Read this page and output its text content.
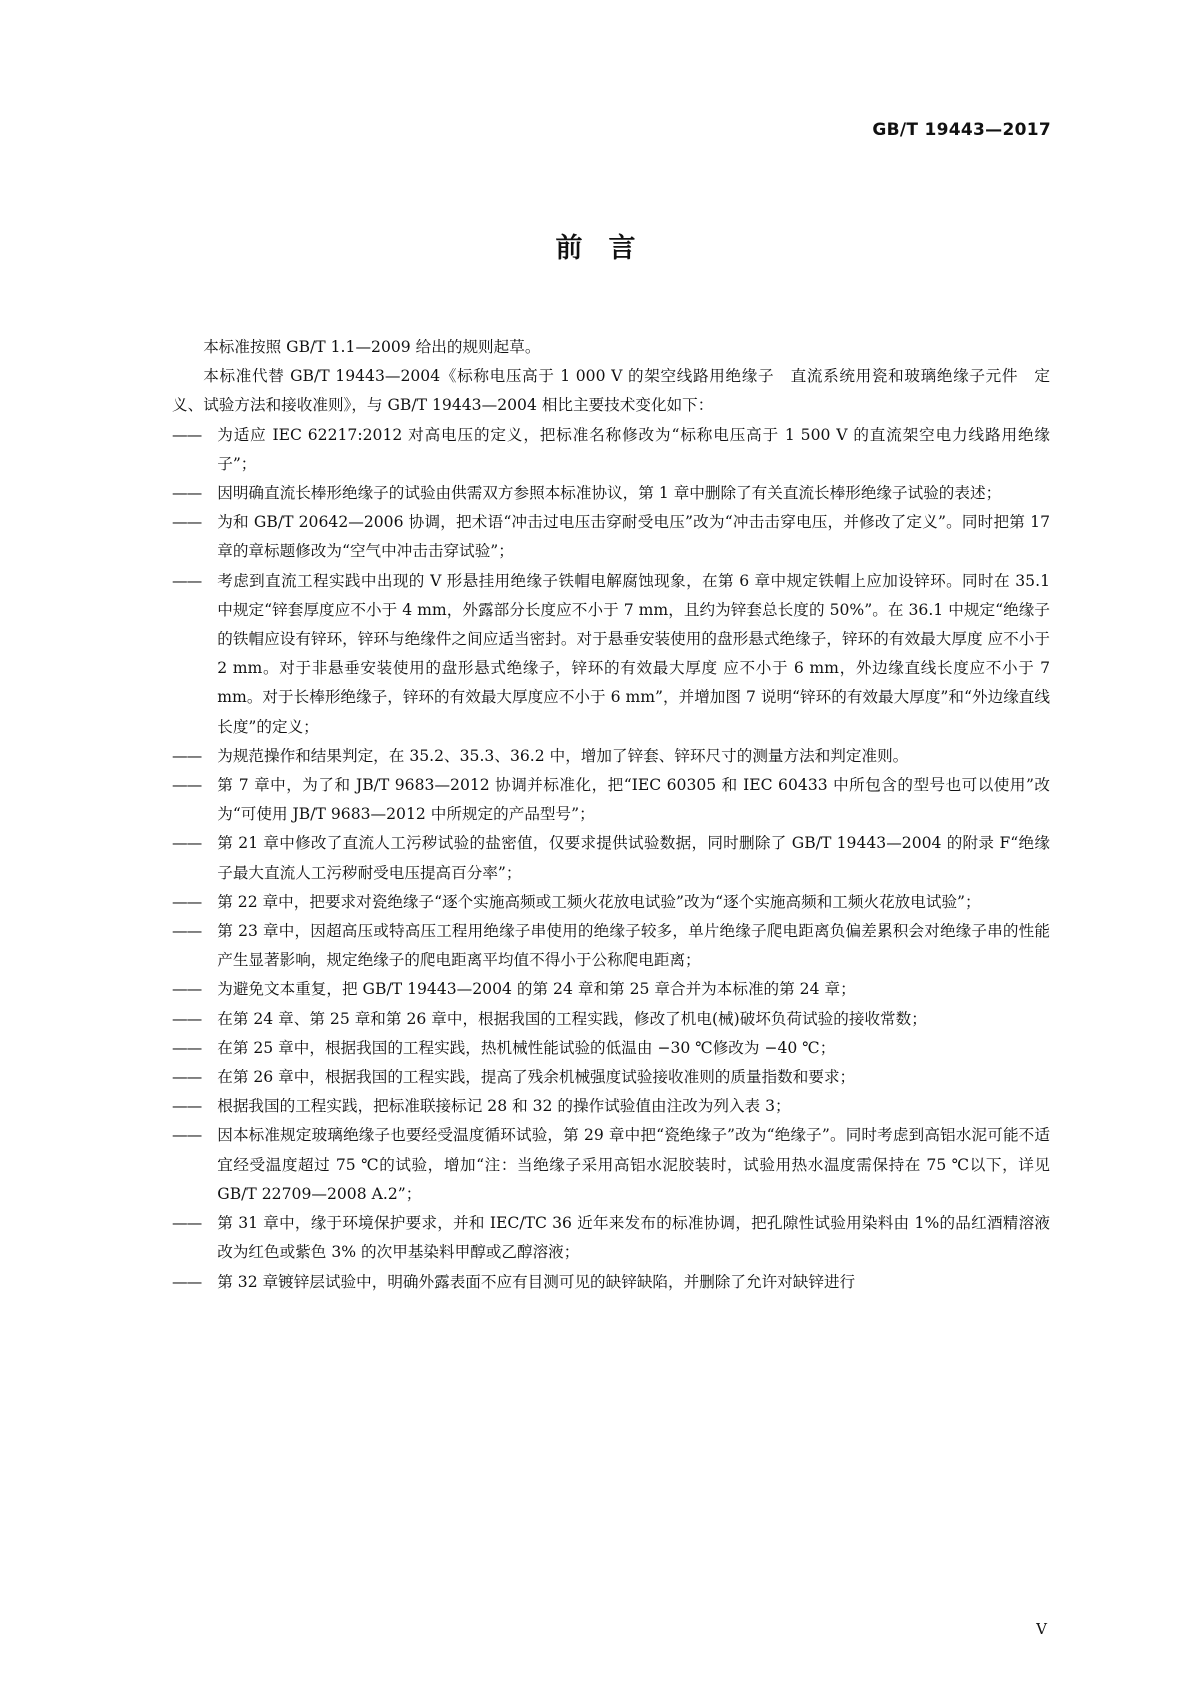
GB/T 19443—2017
前言

本标准按照 GB/T 1.1—2009 给出的规则起草。

本标准代替 GB/T 19443—2004《标称电压高于 1 000 V 的架空线路用绝缘子　直流系统用瓷和玻璃绝缘子元件　定义、试验方法和接收准则》，与 GB/T 19443—2004 相比主要技术变化如下：

—— 为适应 IEC 62217:2012 对高电压的定义，把标准名称修改为“标称电压高于 1 500 V 的直流架空电力线路用绝缘子”；
—— 因明确直流长棒形绝缘子的试验由供需双方参照本标准协议，第 1 章中删除了有关直流长棒形绝缘子试验的表述；
—— 为和 GB/T 20642—2006 协调，把术语“冲击过电压击穿耐受电压”改为“冲击击穿电压，并修改了定义”。同时把第 17 章的章标题修改为“空气中冲击击穿试验”；
—— 考虑到直流工程实践中出现的 V 形悬挂用绝缘子铁帽电解腐蚀现象，在第 6 章中规定铁帽上应加设锌环。同时在 35.1 中规定“锌套厚度应不小于 4 mm，外露部分长度应不小于 7 mm，且约为锌套总长度的 50%”。在 36.1 中规定“绝缘子的铁帽应设有锌环，锌环与绝缘件之间应适当密封。对于悬垂安装使用的盘形悬式绝缘子，锌环的有效最大厚度 应不小于 2 mm。对于非悬垂安装使用的盘形悬式绝缘子，锌环的有效最大厚度 应不小于 6 mm，外边缘直线长度应不小于 7 mm。对于长棒形绝缘子，锌环的有效最大厚度应不小于 6 mm”，并增加图 7 说明“锌环的有效最大厚度”和“外边缘直线长度”的定义；
—— 为规范操作和结果判定，在 35.2、35.3、36.2 中，增加了锌套、锌环尺寸的测量方法和判定准则。
—— 第 7 章中，为了和 JB/T 9683—2012 协调并标准化，把“IEC 60305 和 IEC 60433 中所包含的型号也可以使用”改为“可使用 JB/T 9683—2012 中所规定的产品型号”；
—— 第 21 章中修改了直流人工污秽试验的盐密值，仅要求提供试验数据，同时删除了 GB/T 19443—2004 的附录 F“绝缘子最大直流人工污秽耐受电压提高百分率”；
—— 第 22 章中，把要求对瓷绝缘子“逐个实施高频或工频火花放电试验”改为“逐个实施高频和工频火花放电试验”；
—— 第 23 章中，因超高压或特高压工程用绝缘子串使用的绝缘子较多，单片绝缘子爬电距离负偏差累积会对绝缘子串的性能产生显著影响，规定绝缘子的爬电距离平均值不得小于公称爬电距离；
—— 为避免文本重复，把 GB/T 19443—2004 的第 24 章和第 25 章合并为本标准的第 24 章；
—— 在第 24 章、第 25 章和第 26 章中，根据我国的工程实践，修改了机电(械)破坏负荷试验的接收常数；
—— 在第 25 章中，根据我国的工程实践，热机械性能试验的低温由 −30 ℃修改为 −40 ℃；
—— 在第 26 章中，根据我国的工程实践，提高了残余机械强度试验接收准则的质量指数和要求；
—— 根据我国的工程实践，把标准联接标记 28 和 32 的操作试验值由注改为列入表 3；
—— 因本标准规定玻璃绝缘子也要经受温度循环试验，第 29 章中把“瓷绝缘子”改为“绝缘子”。同时考虑到高铝水泥可能不适宜经受温度超过 75 ℃的试验，增加“注：当绝缘子采用高铝水泥胶装时，试验用热水温度需保持在 75 ℃以下，详见 GB/T 22709—2008 A.2”；
—— 第 31 章中，缘于环境保护要求，并和 IEC/TC 36 近年来发布的标准协调，把孔隙性试验用染料由 1%的品红酒精溶液改为红色或紫色 3% 的次甲基染料甲醇或乙醇溶液；
—— 第 32 章镀锌层试验中，明确外露表面不应有目测可见的缺锌缺陷，并删除了允许对缺锌进行
V
